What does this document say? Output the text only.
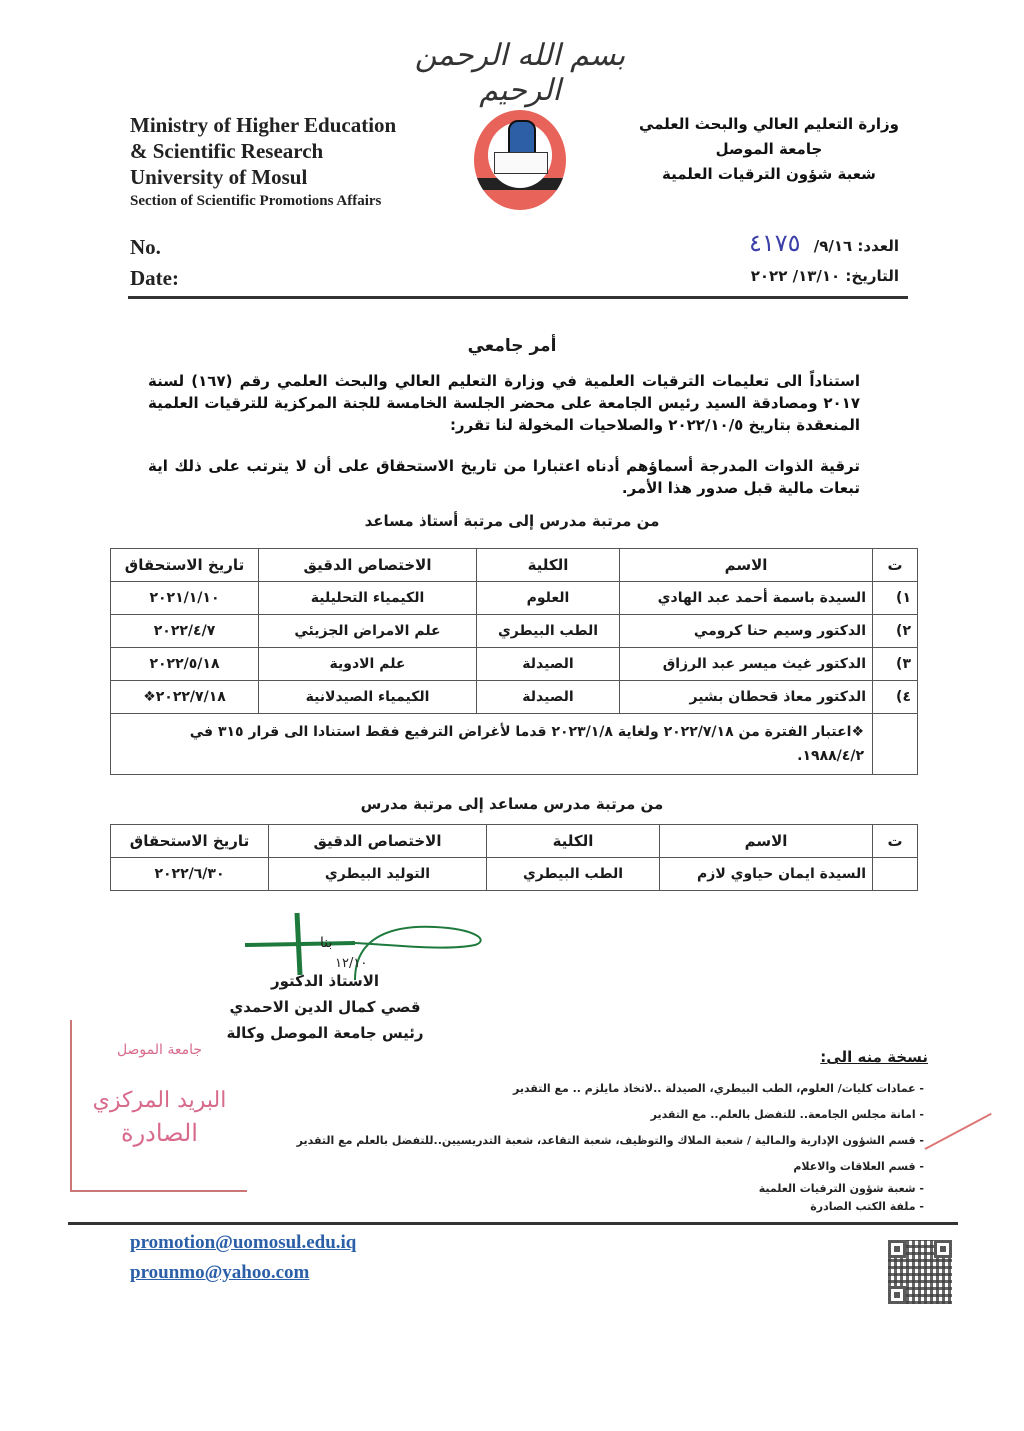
بسم الله الرحمن الرحيم
Ministry of Higher Education
& Scientific Research
University of Mosul
Section of Scientific Promotions Affairs
وزارة التعليم العالي والبحث العلمي
جامعة الموصل
شعبة شؤون الترقيات العلمية
No.
Date:
العدد: ٩/١٦/ ٤١٧٥
التاريخ: ١٣/١٠/ ٢٠٢٢
أمر جامعي
استناداً الى تعليمات الترقيات العلمية في وزارة التعليم العالي والبحث العلمي رقم (١٦٧) لسنة ٢٠١٧ ومصادقة السيد رئيس الجامعة على محضر الجلسة الخامسة للجنة المركزية للترقيات العلمية المنعقدة بتاريخ ٢٠٢٢/١٠/٥ والصلاحيات المخولة لنا تقرر:
ترقية الذوات المدرجة أسماؤهم أدناه اعتبارا من تاريخ الاستحقاق على أن لا يترتب على ذلك اية تبعات مالية قبل صدور هذا الأمر.
من مرتبة مدرس إلى مرتبة أستاذ مساعد
ت	الاسم	الكلية	الاختصاص الدقيق	تاريخ الاستحقاق
١)	السيدة باسمة أحمد عبد الهادي	العلوم	الكيمياء التحليلية	٢٠٢١/١/١٠
٢)	الدكتور وسيم حنا كرومي	الطب البيطري	علم الامراض الجزيئي	٢٠٢٢/٤/٧
٣)	الدكتور غيث ميسر عبد الرزاق	الصيدلة	علم الادوية	٢٠٢٢/٥/١٨
٤)	الدكتور معاذ قحطان بشير	الصيدلة	الكيمياء الصيدلانية	٢٠٢٢/٧/١٨❖
	❖اعتبار الفترة من ٢٠٢٢/٧/١٨ ولغاية ٢٠٢٣/١/٨ قدما لأغراض الترفيع فقط استنادا الى قرار ٣١٥ في ١٩٨٨/٤/٢.			
من مرتبة مدرس مساعد إلى مرتبة مدرس
ت	الاسم	الكلية	الاختصاص الدقيق	تاريخ الاستحقاق
	السيدة ايمان حياوي لازم	الطب البيطري	التوليد البيطري	٢٠٢٢/٦/٣٠
بنا
١٢/١٠
الاستاذ الدكتور
قصي كمال الدين الاحمدي
رئيس جامعة الموصل وكالة
جامعة الموصل
البريد المركزي
الصادرة
نسخة منه الى:
- عمادات كليات/ العلوم، الطب البيطري، الصيدلة ..لاتخاذ مايلزم .. مع التقدير
- امانة مجلس الجامعة.. للتفضل بالعلم.. مع التقدير
- قسم الشؤون الإدارية والمالية / شعبة الملاك والتوظيف، شعبة التقاعد، شعبة التدريسيين..للتفضل بالعلم مع التقدير
- قسم العلاقات والاعلام
- شعبة شؤون الترقيات العلمية
- ملفة الكتب الصادرة
promotion@uomosul.edu.iq
prounmo@yahoo.com
